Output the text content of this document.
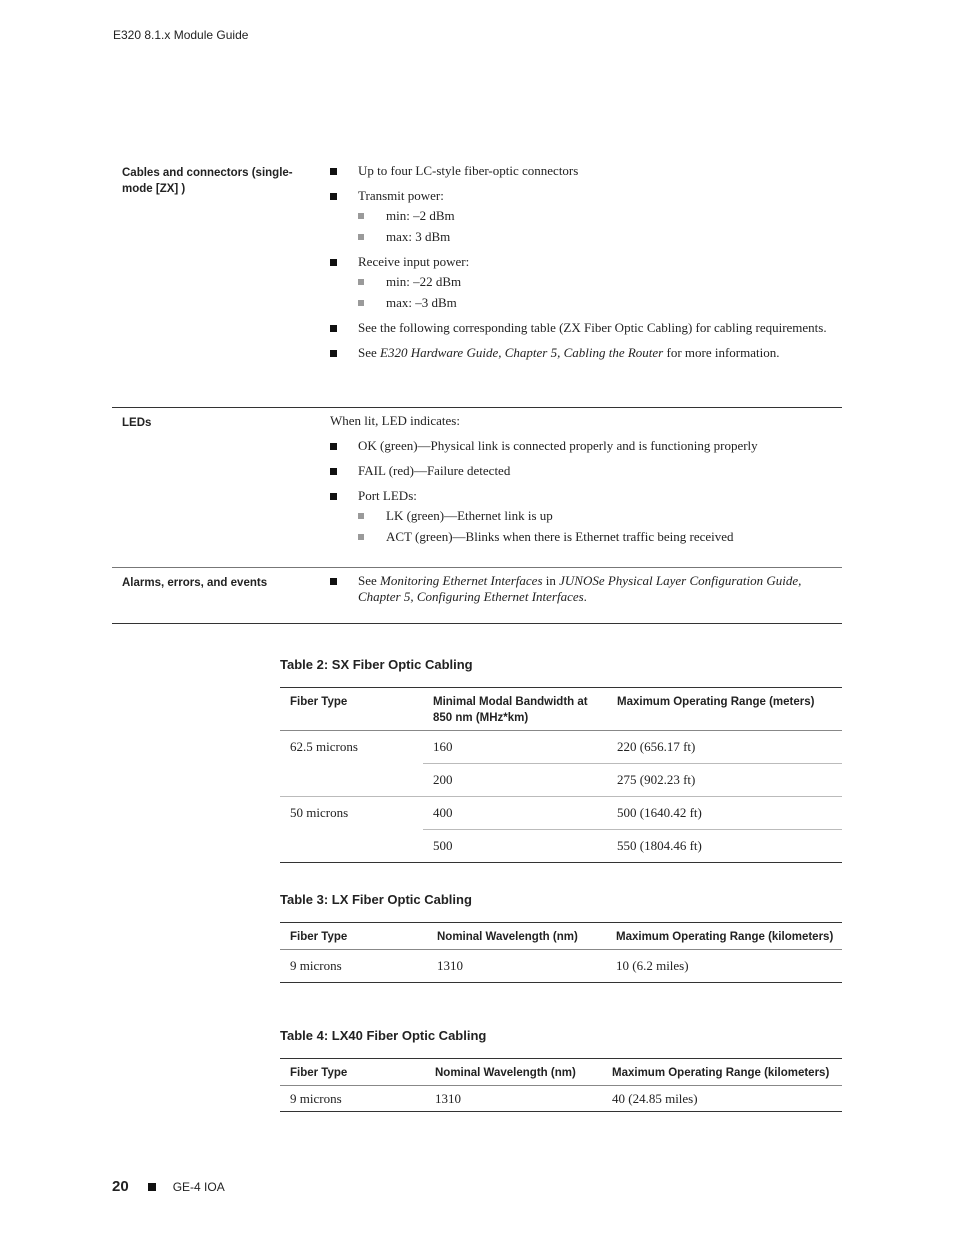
E320 8.1.x Module Guide
Cables and connectors (single-mode [ZX] )
Up to four LC-style fiber-optic connectors
Transmit power:
min: –2 dBm
max: 3 dBm
Receive input power:
min: –22 dBm
max: –3 dBm
See the following corresponding table (ZX Fiber Optic Cabling) for cabling requirements.
See E320 Hardware Guide, Chapter 5, Cabling the Router for more information.
LEDs	When lit, LED indicates:

OK (green)—Physical link is connected properly and is functioning properly
FAIL (red)—Failure detected
Port LEDs:
LK (green)—Ethernet link is up
ACT (green)—Blinks when there is Ethernet traffic being received
Alarms, errors, and events	See Monitoring Ethernet Interfaces in JUNOSe Physical Layer Configuration Guide, Chapter 5, Configuring Ethernet Interfaces.
Table 2: SX Fiber Optic Cabling
Fiber Type	Minimal Modal Bandwidth at 850 nm (MHz*km)	Maximum Operating Range (meters)
62.5 microns	160	220 (656.17 ft)
	200	275 (902.23 ft)
50 microns	400	500 (1640.42 ft)
	500	550 (1804.46 ft)
Table 3: LX Fiber Optic Cabling
Fiber Type	Nominal Wavelength (nm)	Maximum Operating Range (kilometers)
9 microns	1310	10 (6.2 miles)
Table 4: LX40 Fiber Optic Cabling
Fiber Type	Nominal Wavelength (nm)	Maximum Operating Range (kilometers)
9 microns	1310	40 (24.85 miles)
20	GE-4 IOA
